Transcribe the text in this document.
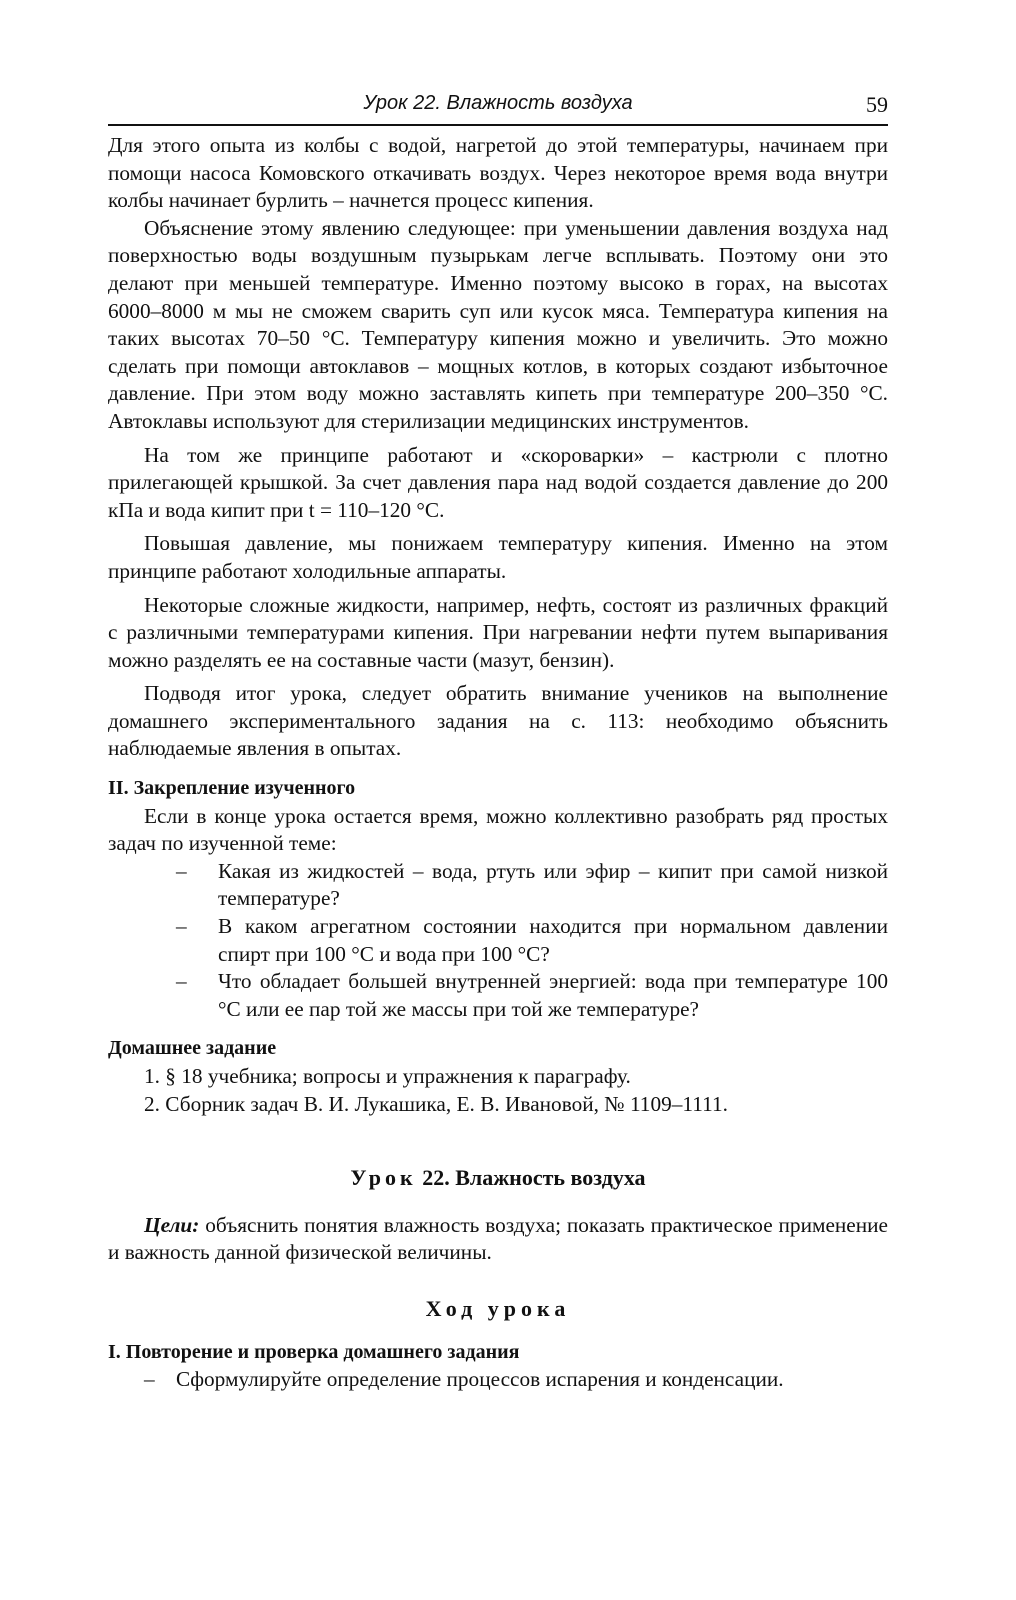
Урок 22. Влажность воздуха	59

Для этого опыта из колбы с водой, нагретой до этой температуры, начинаем при помощи насоса Комовского откачивать воздух. Через некоторое время вода внутри колбы начинает бурлить – начнется процесс кипения.

Объяснение этому явлению следующее: при уменьшении давления воздуха над поверхностью воды воздушным пузырькам легче всплывать. Поэтому они это делают при меньшей температуре. Именно поэтому высоко в горах, на высотах 6000–8000 м мы не сможем сварить суп или кусок мяса. Температура кипения на таких высотах 70–50 °С. Температуру кипения можно и увеличить. Это можно сделать при помощи автоклавов – мощных котлов, в которых создают избыточное давление. При этом воду можно заставлять кипеть при температуре 200–350 °С. Автоклавы используют для стерилизации медицинских инструментов.

На том же принципе работают и «скороварки» – кастрюли с плотно прилегающей крышкой. За счет давления пара над водой создается давление до 200 кПа и вода кипит при t = 110–120 °С.

Повышая давление, мы понижаем температуру кипения. Именно на этом принципе работают холодильные аппараты.

Некоторые сложные жидкости, например, нефть, состоят из различных фракций с различными температурами кипения. При нагревании нефти путем выпаривания можно разделять ее на составные части (мазут, бензин).

Подводя итог урока, следует обратить внимание учеников на выполнение домашнего экспериментального задания на с. 113: необходимо объяснить наблюдаемые явления в опытах.

II. Закрепление изученного

Если в конце урока остается время, можно коллективно разобрать ряд простых задач по изученной теме:

– Какая из жидкостей – вода, ртуть или эфир – кипит при самой низкой температуре?
– В каком агрегатном состоянии находится при нормальном давлении спирт при 100 °С и вода при 100 °С?
– Что обладает большей внутренней энергией: вода при температуре 100 °С или ее пар той же массы при той же температуре?
Домашнее задание
1. § 18 учебника; вопросы и упражнения к параграфу.
2. Сборник задач В. И. Лукашика, Е. В. Ивановой, № 1109–1111.
Урок 22. Влажность воздуха
Цели: объяснить понятия влажность воздуха; показать практическое применение и важность данной физической величины.
Ход урока
I. Повторение и проверка домашнего задания
– Сформулируйте определение процессов испарения и конденсации.
